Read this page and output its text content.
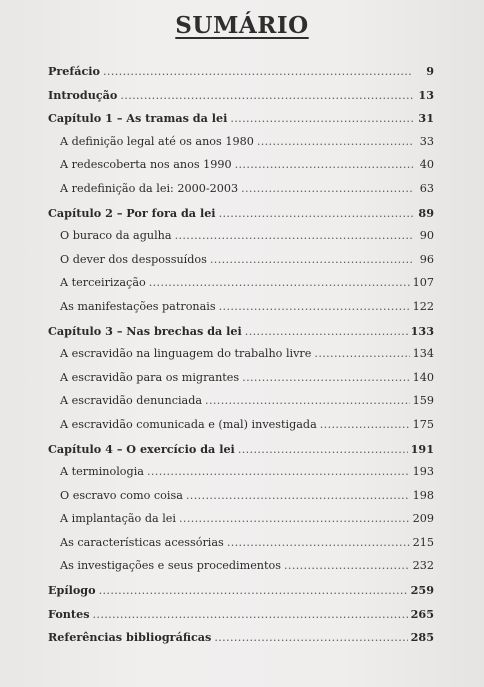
SUMÁRIO
Prefácio . . .	9
Introdução . . .	13
Capítulo 1 – As tramas da lei . . .	31
A definição legal até os anos 1980 . . .	33
A redescoberta nos anos 1990 . . .	40
A redefinição da lei: 2000-2003 . . .	63
Capítulo 2 – Por fora da lei . . .	89
O buraco da agulha . . .	90
O dever dos despossuídos . . .	96
A terceirização . . .	107
As manifestações patronais . . .	122
Capítulo 3 – Nas brechas da lei . . .	133
A escravidão na linguagem do trabalho livre . . .	134
A escravidão para os migrantes . . .	140
A escravidão denunciada . . .	159
A escravidão comunicada e (mal) investigada . . .	175
Capítulo 4 – O exercício da lei . . .	191
A terminologia . . .	193
O escravo como coisa . . .	198
A implantação da lei . . .	209
As características acessórias . . .	215
As investigações e seus procedimentos . . .	232
Epílogo . . .	259
Fontes . . .	265
Referências bibliográficas . . .	285
